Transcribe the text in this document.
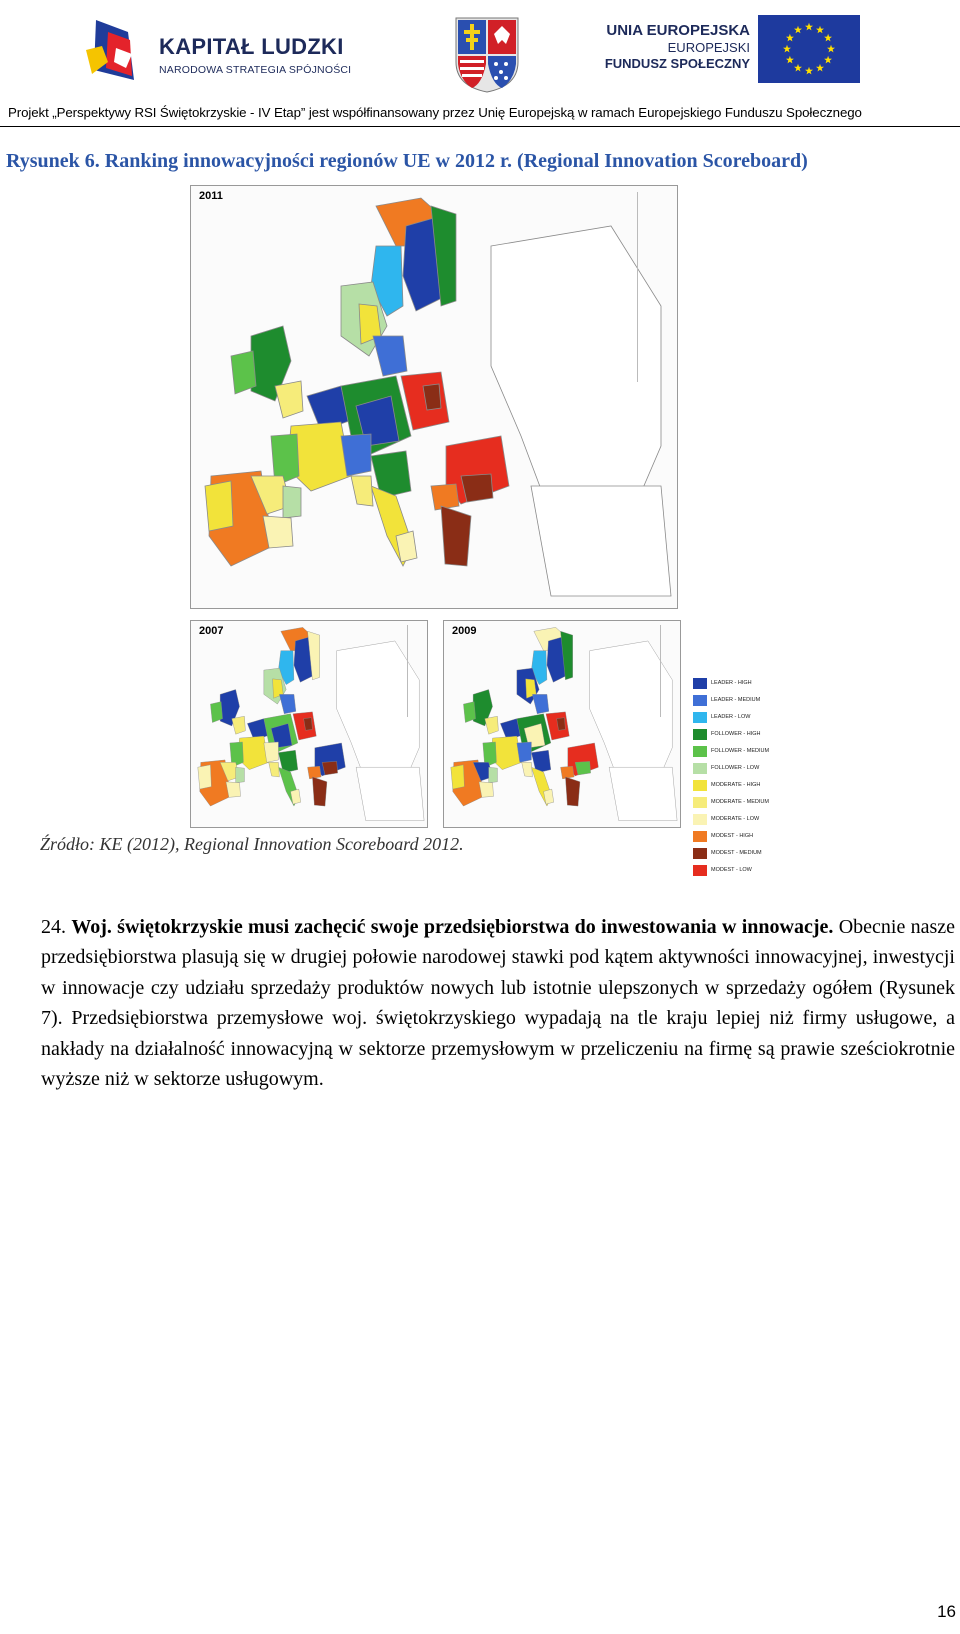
KAPITAŁ LUDZKI
NARODOWA STRATEGIA SPÓJNOŚCI
UNIA EUROPEJSKA
EUROPEJSKI
FUNDUSZ SPOŁECZNY
Projekt „Perspektywy RSI Świętokrzyskie - IV Etap” jest współfinansowany przez Unię Europejską w ramach Europejskiego Funduszu Społecznego
Rysunek 6. Ranking innowacyjności regionów UE w 2012 r. (Regional Innovation Scoreboard)
2011
2007	2009
LEADER - HIGH
LEADER - MEDIUM
LEADER - LOW
FOLLOWER - HIGH
FOLLOWER - MEDIUM
FOLLOWER - LOW
MODERATE - HIGH
MODERATE - MEDIUM
MODERATE - LOW
MODEST - HIGH
MODEST - MEDIUM
MODEST - LOW
Źródło: KE (2012), Regional Innovation Scoreboard 2012.
24. Woj. świętokrzyskie musi zachęcić swoje przedsiębiorstwa do inwestowania w innowacje. Obecnie nasze przedsiębiorstwa plasują się w drugiej połowie narodowej stawki pod kątem aktywności innowacyjnej, inwestycji w innowacje czy udziału sprzedaży produktów nowych lub istotnie ulepszonych w sprzedaży ogółem (Rysunek 7). Przedsiębiorstwa przemysłowe woj. świętokrzyskiego wypadają na tle kraju lepiej niż firmy usługowe, a nakłady na działalność innowacyjną w sektorze przemysłowym w przeliczeniu na firmę są prawie sześciokrotnie wyższe niż w sektorze usługowym.
16
